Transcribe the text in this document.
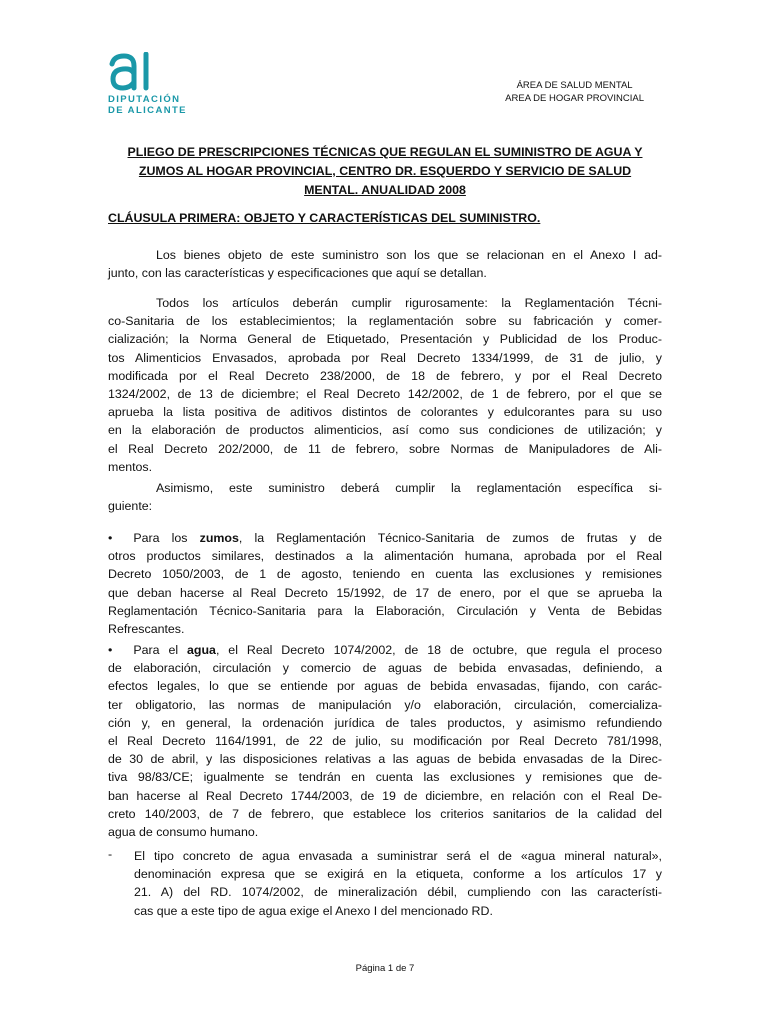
DIPUTACIÓN
DE ALICANTE
ÁREA DE SALUD MENTAL
AREA DE HOGAR PROVINCIAL
PLIEGO DE PRESCRIPCIONES TÉCNICAS QUE REGULAN EL SUMINISTRO DE AGUA Y
ZUMOS AL HOGAR PROVINCIAL, CENTRO DR. ESQUERDO Y SERVICIO DE SALUD
MENTAL. ANUALIDAD 2008
CLÁUSULA PRIMERA: OBJETO Y CARACTERÍSTICAS DEL SUMINISTRO.
Los bienes objeto de este suministro son los que se relacionan en el Anexo I ad-
junto, con las características y especificaciones que aquí se detallan.
Todos los artículos deberán cumplir rigurosamente: la Reglamentación Técni-
co-Sanitaria de los establecimientos; la reglamentación sobre su fabricación y comer-
cialización; la Norma General de Etiquetado, Presentación y Publicidad de los Produc-
tos Alimenticios Envasados, aprobada por Real Decreto 1334/1999, de 31 de julio, y
modificada por el Real Decreto 238/2000, de 18 de febrero, y por el Real Decreto
1324/2002, de 13 de diciembre; el Real Decreto 142/2002, de 1 de febrero, por el que se
aprueba la lista positiva de aditivos distintos de colorantes y edulcorantes para su uso
en la elaboración de productos alimenticios, así como sus condiciones de utilización; y
el Real Decreto 202/2000, de 11 de febrero, sobre Normas de Manipuladores de Ali-
mentos.
Asimismo, este suministro deberá cumplir la reglamentación específica si-
guiente:
• Para los zumos, la Reglamentación Técnico-Sanitaria de zumos de frutas y de
otros productos similares, destinados a la alimentación humana, aprobada por el Real
Decreto 1050/2003, de 1 de agosto, teniendo en cuenta las exclusiones y remisiones
que deban hacerse al Real Decreto 15/1992, de 17 de enero, por el que se aprueba la
Reglamentación Técnico-Sanitaria para la Elaboración, Circulación y Venta de Bebidas
Refrescantes.
• Para el agua, el Real Decreto 1074/2002, de 18 de octubre, que regula el proceso
de elaboración, circulación y comercio de aguas de bebida envasadas, definiendo, a
efectos legales, lo que se entiende por aguas de bebida envasadas, fijando, con carác-
ter obligatorio, las normas de manipulación y/o elaboración, circulación, comercializa-
ción y, en general, la ordenación jurídica de tales productos, y asimismo refundiendo
el Real Decreto 1164/1991, de 22 de julio, su modificación por Real Decreto 781/1998,
de 30 de abril, y las disposiciones relativas a las aguas de bebida envasadas de la Direc-
tiva 98/83/CE; igualmente se tendrán en cuenta las exclusiones y remisiones que de-
ban hacerse al Real Decreto 1744/2003, de 19 de diciembre, en relación con el Real De-
creto 140/2003, de 7 de febrero, que establece los criterios sanitarios de la calidad del
agua de consumo humano.
- El tipo concreto de agua envasada a suministrar será el de «agua mineral natural»,
denominación expresa que se exigirá en la etiqueta, conforme a los artículos 17 y
21. A) del RD. 1074/2002, de mineralización débil, cumpliendo con las característi-
cas que a este tipo de agua exige el Anexo I del mencionado RD.
Página 1 de 7
